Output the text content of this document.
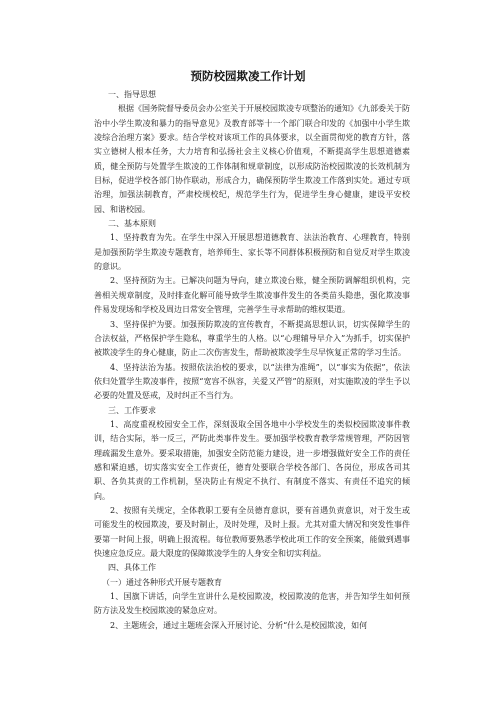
预防校园欺凌工作计划

一、指导思想

根据《国务院督导委员会办公室关于开展校园欺凌专项整治的通知》《九部委关于防治中小学生欺凌和暴力的指导意见》及教育部等十一个部门联合印发的《加强中小学生欺凌综合治理方案》要求。结合学校对该项工作的具体要求，以全面贯彻党的教育方针，落实立德树人根本任务，大力培育和弘扬社会主义核心价值观，不断提高学生思想道德素质，健全预防与处置学生欺凌的工作体制和规章制度，以形成防治校园欺凌的长效机制为目标，促进学校各部门协作联动，形成合力，确保预防学生欺凌工作落到实处。通过专项治理，加强法制教育，严肃校规校纪，规范学生行为，促进学生身心健康，建设平安校园、和谐校园。

二、基本原则

1、坚持教育为先。在学生中深入开展思想道德教育、法法治教育、心理教育，特别是加强预防学生欺凌专题教育，培养师生、家长等不同群体积极预防和自觉反对学生欺凌的意识。

2、坚持预防为主。已解决问题为导向，建立欺凌台账，健全预防调解组织机构，完善相关规章制度，及时排查化解可能导致学生欺凌事件发生的各类苗头隐患，强化欺凌事件易发现场和学校及周边日常安全管理，完善学生寻求帮助的维权渠道。

3、坚持保护为要。加强预防欺凌的宣传教育，不断提高思想认识，切实保障学生的合法权益，严格保护学生隐私，尊重学生的人格。以“心理辅导早介入”为抓手，切实保护被欺凌学生的身心健康，防止二次伤害发生，帮助被欺凌学生尽早恢复正常的学习生活。

4、坚持法治为基。按照依法治校的要求，以“法律为准绳”，以“事实为依据”，依法依归处置学生欺凌事件，按照“宽容不纵容，关爱又严管”的原则，对实施欺凌的学生予以必要的处置及惩戒，及时纠正不当行为。

三、工作要求

1、高度重视校园安全工作，深刻汲取全国各地中小学校发生的类似校园欺凌事件教训，结合实际，举一反三，严防此类事件发生。要加强学校教育教学常规管理，严防因管理疏漏发生意外。要采取措施，加强安全防范能力建设，进一步增强做好安全工作的责任感和紧迫感，切实落实安全工作责任，德育处要联合学校各部门、各岗位，形成各司其职、各负其责的工作机制，坚决防止有规定不执行、有制度不落实、有责任不追究的倾向。

2、按照有关规定，全体教职工要有全员德育意识，要有首遇负责意识，对于发生或可能发生的校园欺凌，要及时制止，及时处理，及时上报。尤其对重大情况和突发性事件要第一时间上报，明确上报流程。每位教师要熟悉学校此项工作的安全预案，能做到遇事快速应急反应。最大限度的保障欺凌学生的人身安全和切实利益。

四、具体工作

（一）通过各种形式开展专题教育

1、国旗下讲话，向学生宣讲什么是校园欺凌，校园欺凌的危害，并告知学生如何预防方法及发生校园欺凌的紧急应对。

2、主题班会，通过主题班会深入开展讨论、分析“什么是校园欺凌，如何
